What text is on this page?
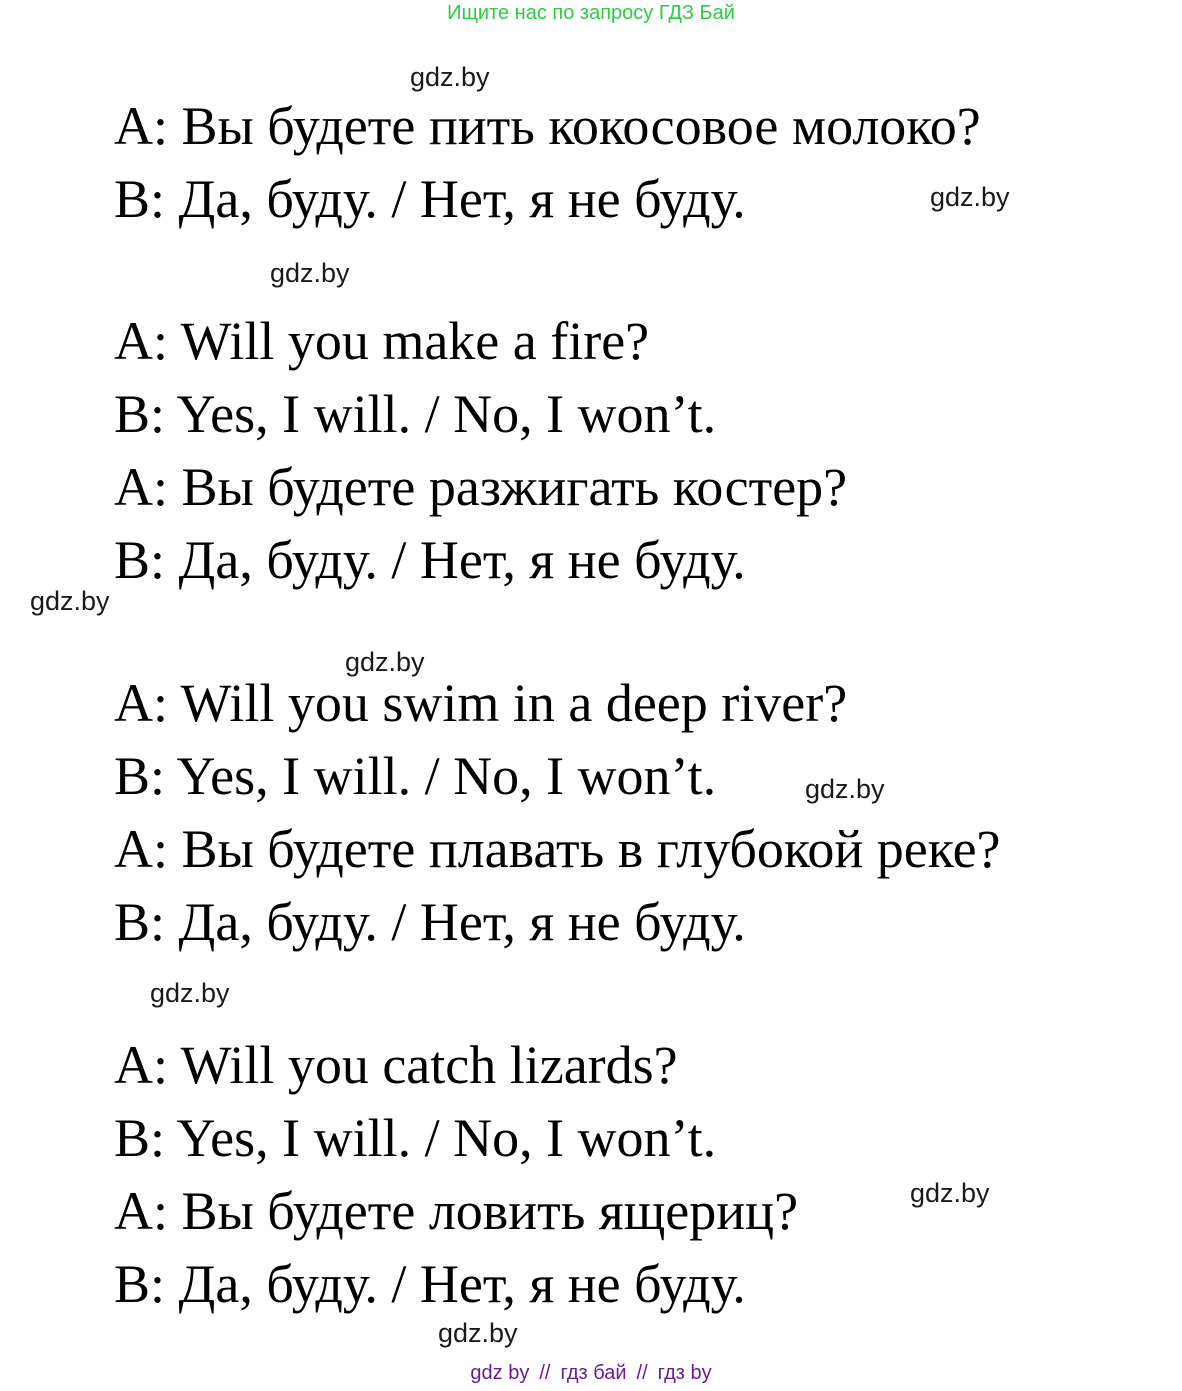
Ищите нас по запросу ГДЗ Бай
A: Вы будете пить кокосовое молоко?
B: Да, буду. / Нет, я не буду.
A: Will you make a fire?
B: Yes, I will. / No, I won’t.
A: Вы будете разжигать костер?
B: Да, буду. / Нет, я не буду.
A: Will you swim in a deep river?
B: Yes, I will. / No, I won’t.
A: Вы будете плавать в глубокой реке?
B: Да, буду. / Нет, я не буду.
A: Will you catch lizards?
B: Yes, I will. / No, I won’t.
A: Вы будете ловить ящериц?
B: Да, буду. / Нет, я не буду.
gdz.by
gdz.by
gdz.by
gdz.by
gdz.by
gdz.by
gdz.by
gdz.by
gdz.by
gdz by // гдз бай // гдз by
